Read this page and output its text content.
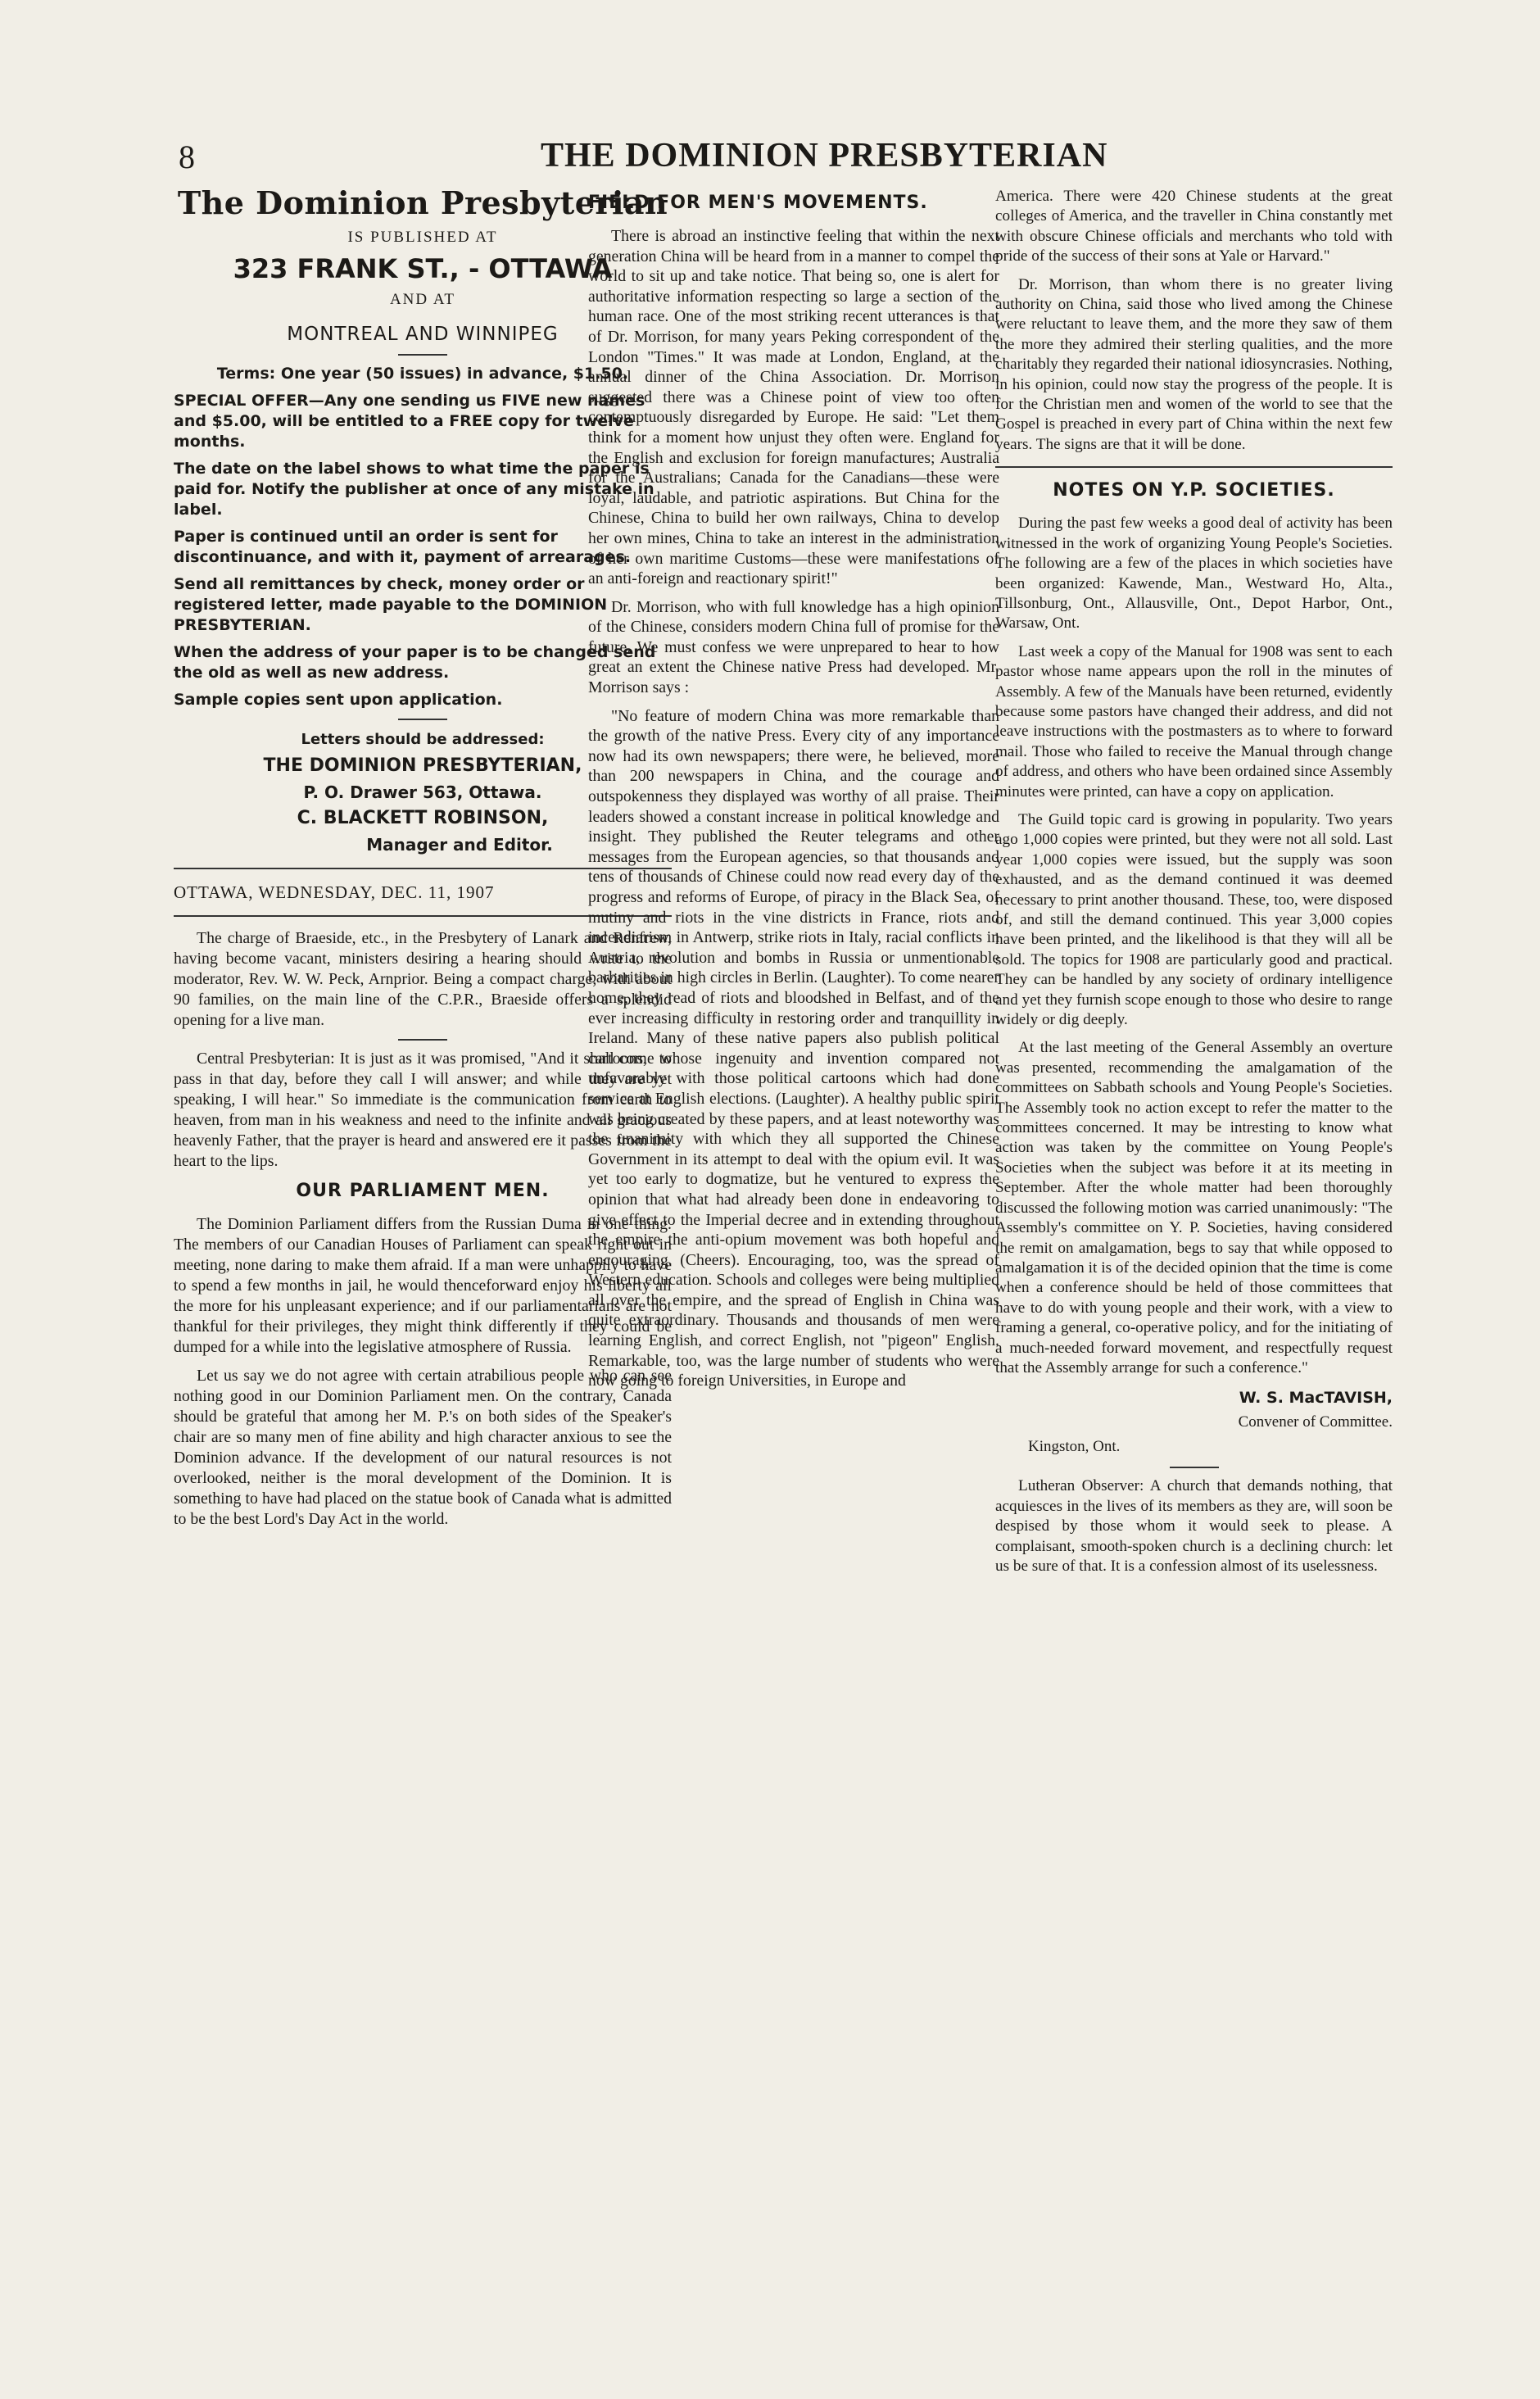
8	THE DOMINION PRESBYTERIAN
The Dominion Presbyterian
IS PUBLISHED AT
323 FRANK ST., - OTTAWA
AND AT
MONTREAL AND WINNIPEG
Terms: One year (50 issues) in advance, $1.50.
SPECIAL OFFER—Any one sending us FIVE new names and $5.00, will be entitled to a FREE copy for twelve months.
The date on the label shows to what time the paper is paid for. Notify the publisher at once of any mistake in label.
Paper is continued until an order is sent for discontinuance, and with it, payment of arrearages.
Send all remittances by check, money order or registered letter, made payable to the DOMINION PRESBYTERIAN.
When the address of your paper is to be changed send the old as well as new address.
Sample copies sent upon application.
Letters should be addressed:
THE DOMINION PRESBYTERIAN,
P. O. Drawer 563, Ottawa.
C. BLACKETT ROBINSON,
Manager and Editor.
OTTAWA, WEDNESDAY, DEC. 11, 1907

The charge of Braeside, etc., in the Presbytery of Lanark and Renfrew, having become vacant, ministers desiring a hearing should write to the moderator, Rev. W. W. Peck, Arnprior. Being a compact charge, with about 90 families, on the main line of the C.P.R., Braeside offers a splendid opening for a live man.

Central Presbyterian: It is just as it was promised, "And it shall come to pass in that day, before they call I will answer; and while they are yet speaking, I will hear." So immediate is the communication from earth to heaven, from man in his weakness and need to the infinite and all gracious heavenly Father, that the prayer is heard and answered ere it passes from the heart to the lips.

OUR PARLIAMENT MEN.

The Dominion Parliament differs from the Russian Duma in one thing. The members of our Canadian Houses of Parliament can speak right out in meeting, none daring to make them afraid. If a man were unhappily to have to spend a few months in jail, he would thenceforward enjoy his liberty all the more for his unpleasant experience; and if our parliamentarians are not thankful for their privileges, they might think differently if they could be dumped for a while into the legislative atmosphere of Russia.

Let us say we do not agree with certain atrabilious people who can see nothing good in our Dominion Parliament men. On the contrary, Canada should be grateful that among her M. P.'s on both sides of the Speaker's chair are so many men of fine ability and high character anxious to see the Dominion advance. If the development of our natural resources is not overlooked, neither is the moral development of the Dominion. It is something to have had placed on the statue book of Canada what is admitted to be the best Lord's Day Act in the world.

FIELD FOR MEN'S MOVEMENTS.

There is abroad an instinctive feeling that within the next generation China will be heard from in a manner to compel the world to sit up and take notice. That being so, one is alert for authoritative information respecting so large a section of the human race. One of the most striking recent utterances is that of Dr. Morrison, for many years Peking correspondent of the London "Times." It was made at London, England, at the annual dinner of the China Association. Dr. Morrison suggested there was a Chinese point of view too often contemptuously disregarded by Europe. He said: "Let them think for a moment how unjust they often were. England for the English and exclusion for foreign manufactures; Australia for the Australians; Canada for the Canadians—these were loyal, laudable, and patriotic aspirations. But China for the Chinese, China to build her own railways, China to develop her own mines, China to take an interest in the administration of her own maritime Customs—these were manifestations of an anti-foreign and reactionary spirit!"

Dr. Morrison, who with full knowledge has a high opinion of the Chinese, considers modern China full of promise for the future. We must confess we were unprepared to hear to how great an extent the Chinese native Press had developed. Mr. Morrison says :

"No feature of modern China was more remarkable than the growth of the native Press. Every city of any importance now had its own newspapers; there were, he believed, more than 200 newspapers in China, and the courage and outspokenness they displayed was worthy of all praise. Their leaders showed a constant increase in political knowledge and insight. They published the Reuter telegrams and other messages from the European agencies, so that thousands and tens of thousands of Chinese could now read every day of the progress and reforms of Europe, of piracy in the Black Sea, of mutiny and riots in the vine districts in France, riots and incendiarism in Antwerp, strike riots in Italy, racial conflicts in Austria, revolution and bombs in Russia or unmentionable barbarities in high circles in Berlin. (Laughter). To come nearer home, they read of riots and bloodshed in Belfast, and of the ever increasing difficulty in restoring order and tranquillity in Ireland. Many of these native papers also publish political cartoons, whose ingenuity and invention compared not unfavorably with those political cartoons which had done service at English elections. (Laughter). A healthy public spirit was being created by these papers, and at least noteworthy was the unanimity with which they all supported the Chinese Government in its attempt to deal with the opium evil. It was yet too early to dogmatize, but he ventured to express the opinion that what had already been done in endeavoring to give effect to the Imperial decree and in extending throughout the empire the anti-opium movement was both hopeful and encouraging. (Cheers). Encouraging, too, was the spread of Western education. Schools and colleges were being multiplied all over the empire, and the spread of English in China was quite extraordinary. Thousands and thousands of men were learning English, and correct English, not "pigeon" English. Remarkable, too, was the large number of students who were now going to foreign Universities, in Europe and

America. There were 420 Chinese students at the great colleges of America, and the traveller in China constantly met with obscure Chinese officials and merchants who told with pride of the success of their sons at Yale or Harvard."

Dr. Morrison, than whom there is no greater living authority on China, said those who lived among the Chinese were reluctant to leave them, and the more they saw of them the more they admired their sterling qualities, and the more charitably they regarded their national idiosyncrasies. Nothing, in his opinion, could now stay the progress of the people. It is for the Christian men and women of the world to see that the Gospel is preached in every part of China within the next few years. The signs are that it will be done.

NOTES ON Y.P. SOCIETIES.

During the past few weeks a good deal of activity has been witnessed in the work of organizing Young People's Societies. The following are a few of the places in which societies have been organized: Kawende, Man., Westward Ho, Alta., Tillsonburg, Ont., Allausville, Ont., Depot Harbor, Ont., Warsaw, Ont.

Last week a copy of the Manual for 1908 was sent to each pastor whose name appears upon the roll in the minutes of Assembly. A few of the Manuals have been returned, evidently because some pastors have changed their address, and did not leave instructions with the postmasters as to where to forward mail. Those who failed to receive the Manual through change of address, and others who have been ordained since Assembly minutes were printed, can have a copy on application.

The Guild topic card is growing in popularity. Two years ago 1,000 copies were printed, but they were not all sold. Last year 1,000 copies were issued, but the supply was soon exhausted, and as the demand continued it was deemed necessary to print another thousand. These, too, were disposed of, and still the demand continued. This year 3,000 copies have been printed, and the likelihood is that they will all be sold. The topics for 1908 are particularly good and practical. They can be handled by any society of ordinary intelligence and yet they furnish scope enough to those who desire to range widely or dig deeply.

At the last meeting of the General Assembly an overture was presented, recommending the amalgamation of the committees on Sabbath schools and Young People's Societies. The Assembly took no action except to refer the matter to the committees concerned. It may be intresting to know what action was taken by the committee on Young People's Societies when the subject was before it at its meeting in September. After the whole matter had been thoroughly discussed the following motion was carried unanimously: "The Assembly's committee on Y. P. Societies, having considered the remit on amalgamation, begs to say that while opposed to amalgamation it is of the decided opinion that the time is come when a conference should be held of those committees that have to do with young people and their work, with a view to framing a general, co-operative policy, and for the initiating of a much-needed forward movement, and respectfully request that the Assembly arrange for such a conference."

W. S. MacTAVISH,
Convener of Committee.
Kingston, Ont.

Lutheran Observer: A church that demands nothing, that acquiesces in the lives of its members as they are, will soon be despised by those whom it would seek to please. A complaisant, smooth-spoken church is a declining church: let us be sure of that. It is a confession almost of its uselessness.
